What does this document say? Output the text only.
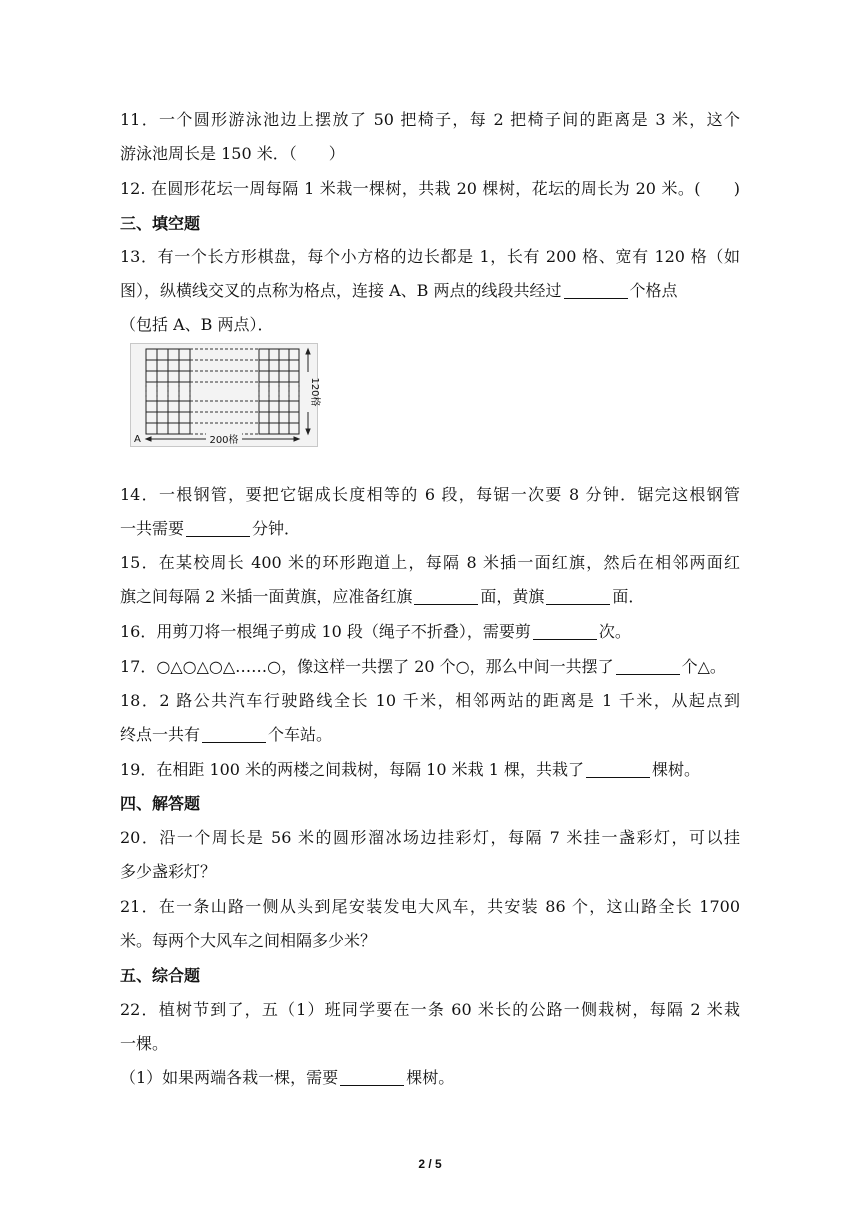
11．一个圆形游泳池边上摆放了 50 把椅子，每 2 把椅子间的距离是 3 米，这个
游泳池周长是 150 米．（　　）
12. 在圆形花坛一周每隔 1 米栽一棵树，共栽 20 棵树，花坛的周长为 20 米。(　　)
三、填空题
13．有一个长方形棋盘，每个小方格的边长都是 1，长有 200 格、宽有 120 格（如
图），纵横线交叉的点称为格点，连接 A、B 两点的线段共经过	个格点
（包括 A、B 两点）．
200格
120格
A
14．一根钢管，要把它锯成长度相等的 6 段，每锯一次要 8 分钟．锯完这根钢管
一共需要	分钟．
15．在某校周长 400 米的环形跑道上，每隔 8 米插一面红旗，然后在相邻两面红
旗之间每隔 2 米插一面黄旗，应准备红旗	面，黄旗	面．
16．用剪刀将一根绳子剪成 10 段（绳子不折叠），需要剪	次。
17．○△○△○△……○，像这样一共摆了 20 个○，那么中间一共摆了	个△。
18．2 路公共汽车行驶路线全长 10 千米，相邻两站的距离是 1 千米，从起点到
终点一共有	个车站。
19．在相距 100 米的两楼之间栽树，每隔 10 米栽 1 棵，共栽了	棵树。
四、解答题
20．沿一个周长是 56 米的圆形溜冰场边挂彩灯，每隔 7 米挂一盏彩灯，可以挂
多少盏彩灯？
21．在一条山路一侧从头到尾安装发电大风车，共安装 86 个，这山路全长 1700
米。每两个大风车之间相隔多少米？
五、综合题
22．植树节到了，五（1）班同学要在一条 60 米长的公路一侧栽树，每隔 2 米栽
一棵。
（1）如果两端各栽一棵，需要	棵树。
2 / 5
